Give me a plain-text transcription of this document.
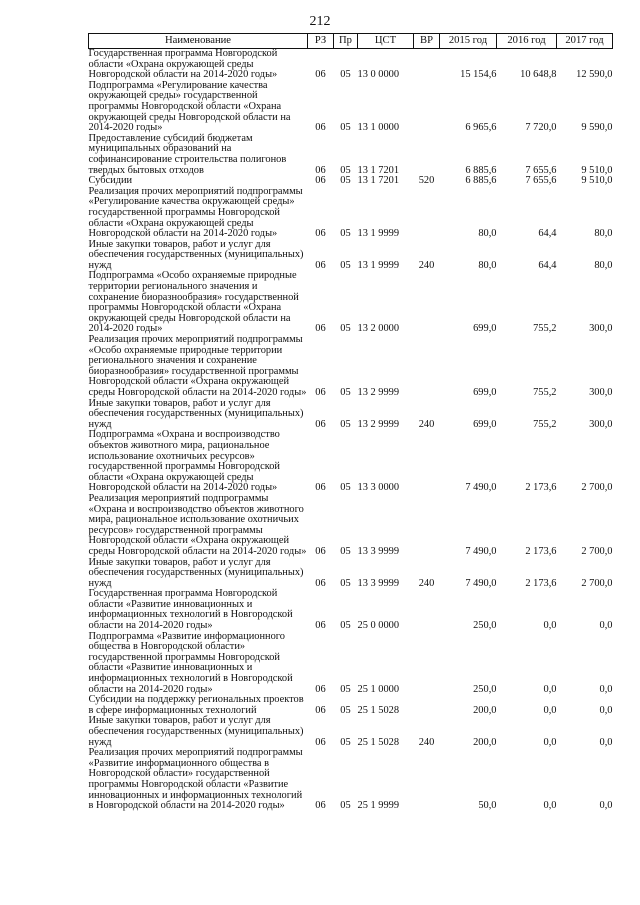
212
Наименование	РЗ	Пр	ЦСТ	ВР	2015 год	2016 год	2017 год
Государственная программа Новгородской области «Охрана окружающей среды Новгородской области на 2014-2020 годы»	06	05	13 0 0000		15 154,6	10 648,8	12 590,0
Подпрограмма «Регулирование качества окружающей среды» государственной программы Новгородской области «Охрана окружающей среды Новгородской области на 2014-2020 годы»	06	05	13 1 0000		6 965,6	7 720,0	9 590,0
Предоставление субсидий бюджетам муниципальных образований на софинансирование строительства полигонов твердых бытовых отходов	06	05	13 1 7201		6 885,6	7 655,6	9 510,0
Субсидии	06	05	13 1 7201	520	6 885,6	7 655,6	9 510,0
Реализация прочих мероприятий подпрограммы «Регулирование качества окружающей среды» государственной программы Новгородской области «Охрана окружающей среды Новгородской области на 2014-2020 годы»	06	05	13 1 9999		80,0	64,4	80,0
Иные закупки товаров, работ и услуг для обеспечения государственных (муниципальных) нужд	06	05	13 1 9999	240	80,0	64,4	80,0
Подпрограмма «Особо охраняемые природные территории регионального значения и сохранение биоразнообразия» государственной программы Новгородской области «Охрана окружающей среды Новгородской области на 2014-2020 годы»	06	05	13 2 0000		699,0	755,2	300,0
Реализация прочих мероприятий подпрограммы «Особо охраняемые природные территории регионального значения и сохранение биоразнообразия» государственной программы Новгородской области «Охрана окружающей среды Новгородской области на 2014-2020 годы»	06	05	13 2 9999		699,0	755,2	300,0
Иные закупки товаров, работ и услуг для обеспечения государственных (муниципальных) нужд	06	05	13 2 9999	240	699,0	755,2	300,0
Подпрограмма «Охрана и воспроизводство объектов животного мира, рациональное использование охотничьих ресурсов» государственной программы Новгородской области «Охрана окружающей среды Новгородской области на 2014-2020 годы»	06	05	13 3 0000		7 490,0	2 173,6	2 700,0
Реализация мероприятий подпрограммы «Охрана и воспроизводство объектов животного мира, рациональное использование охотничьих ресурсов» государственной программы Новгородской области «Охрана окружающей среды Новгородской области на 2014-2020 годы»	06	05	13 3 9999		7 490,0	2 173,6	2 700,0
Иные закупки товаров, работ и услуг для обеспечения государственных (муниципальных) нужд	06	05	13 3 9999	240	7 490,0	2 173,6	2 700,0
Государственная программа Новгородской области «Развитие инновационных и информационных технологий в Новгородской области на 2014-2020 годы»	06	05	25 0 0000		250,0	0,0	0,0
Подпрограмма «Развитие информационного общества в Новгородской области» государственной программы Новгородской области «Развитие инновационных и информационных технологий в Новгородской области на 2014-2020 годы»	06	05	25 1 0000		250,0	0,0	0,0
Субсидии на поддержку региональных проектов в сфере информационных технологий	06	05	25 1 5028		200,0	0,0	0,0
Иные закупки товаров, работ и услуг для обеспечения государственных (муниципальных) нужд	06	05	25 1 5028	240	200,0	0,0	0,0
Реализация прочих мероприятий подпрограммы «Развитие информационного общества в Новгородской области» государственной программы Новгородской области «Развитие инновационных и информационных технологий в Новгородской области на 2014-2020 годы»	06	05	25 1 9999		50,0	0,0	0,0
